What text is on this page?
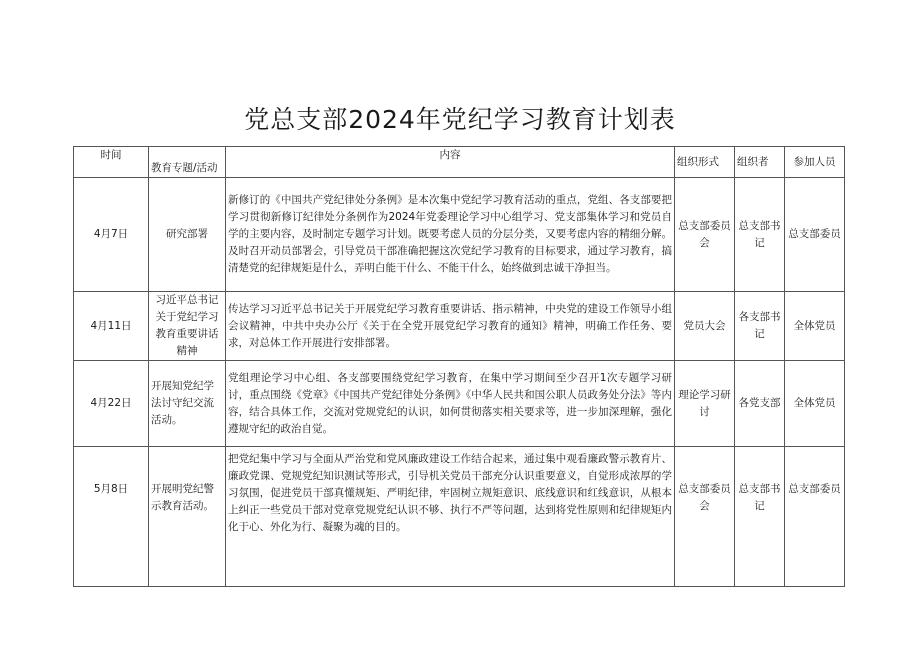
党总支部2024年党纪学习教育计划表
时间	教育专题/活动	内容	组织形式	组织者	参加人员
4月7日	研究部署	新修订的《中国共产党纪律处分条例》是本次集中党纪学习教育活动的重点，党组、各支部要把学习贯彻新修订纪律处分条例作为2024年党委理论学习中心组学习、党支部集体学习和党员自学的主要内容，及时制定专题学习计划。既要考虑人员的分层分类，又要考虑内容的精细分解。及时召开动员部署会，引导党员干部准确把握这次党纪学习教育的目标要求，通过学习教育，搞清楚党的纪律规矩是什么，弄明白能干什么、不能干什么，始终做到忠诚干净担当。	总支部委员会	总支部书记	总支部委员
4月11日	习近平总书记关于党纪学习教育重要讲话精神	传达学习习近平总书记关于开展党纪学习教育重要讲话、指示精神，中央党的建设工作领导小组会议精神，中共中央办公厅《关于在全党开展党纪学习教育的通知》精神，明确工作任务、要求，对总体工作开展进行安排部署。	党员大会	各支部书记	全体党员
4月22日	开展知党纪学法讨守纪交流活动。	党组理论学习中心组、各支部要围绕党纪学习教育，在集中学习期间至少召开1次专题学习研讨，重点围绕《党章》《中国共产党纪律处分条例》《中华人民共和国公职人员政务处分法》等内容，结合具体工作，交流对党规党纪的认识，如何贯彻落实相关要求等，进一步加深理解，强化遵规守纪的政治自觉。	理论学习研讨	各党支部	全体党员
5月8日	开展明党纪警示教育活动。	把党纪集中学习与全面从严治党和党风廉政建设工作结合起来，通过集中观看廉政警示教育片、廉政党课、党规党纪知识测试等形式，引导机关党员干部充分认识重要意义，自觉形成浓厚的学习氛围，促进党员干部真懂规矩、严明纪律，牢固树立规矩意识、底线意识和红线意识，从根本上纠正一些党员干部对党章党规党纪认识不够、执行不严等问题，达到将党性原则和纪律规矩内化于心、外化为行、凝聚为魂的目的。	总支部委员会	总支部书记	总支部委员
